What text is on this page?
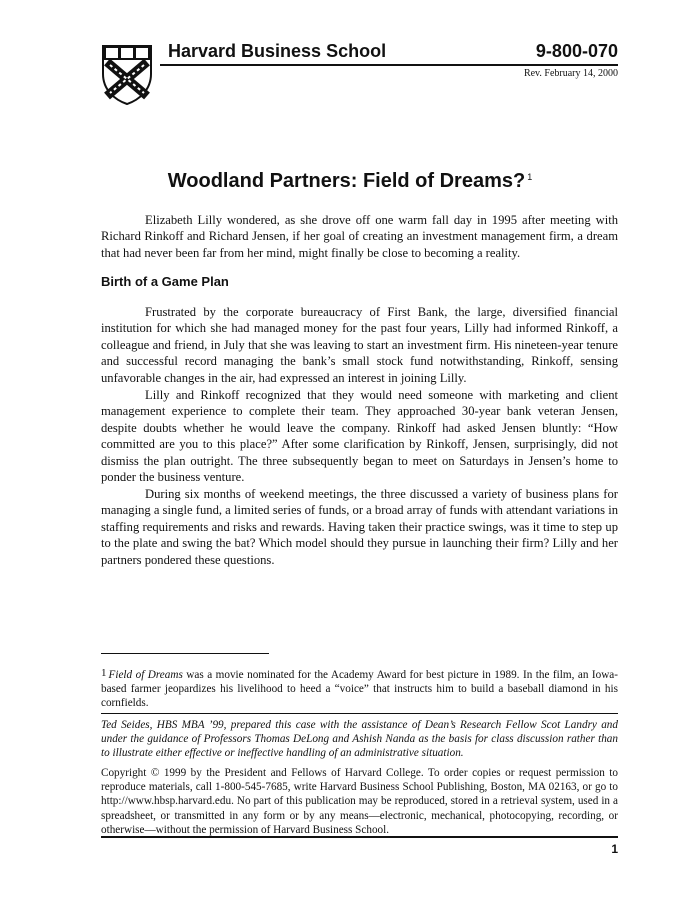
Harvard Business School	9-800-070
Rev. February 14, 2000
Woodland Partners: Field of Dreams? $^1$

Elizabeth Lilly wondered, as she drove off one warm fall day in 1995 after meeting with Richard Rinkoff and Richard Jensen, if her goal of creating an investment management firm, a dream that had never been far from her mind, might finally be close to becoming a reality.

Birth of a Game Plan

Frustrated by the corporate bureaucracy of First Bank, the large, diversified financial institution for which she had managed money for the past four years, Lilly had informed Rinkoff, a colleague and friend, in July that she was leaving to start an investment firm. His nineteen-year tenure and successful record managing the bank’s small stock fund notwithstanding, Rinkoff, sensing unfavorable changes in the air, had expressed an interest in joining Lilly.

Lilly and Rinkoff recognized that they would need someone with marketing and client management experience to complete their team. They approached 30-year bank veteran Jensen, despite doubts whether he would leave the company. Rinkoff had asked Jensen bluntly: “How committed are you to this place?” After some clarification by Rinkoff, Jensen, surprisingly, did not dismiss the plan outright. The three subsequently began to meet on Saturdays in Jensen’s home to ponder the business venture.

During six months of weekend meetings, the three discussed a variety of business plans for managing a single fund, a limited series of funds, or a broad array of funds with attendant variations in staffing requirements and risks and rewards. Having taken their practice swings, was it time to step up to the plate and swing the bat? Which model should they pursue in launching their firm? Lilly and her partners pondered these questions.

1 Field of Dreams was a movie nominated for the Academy Award for best picture in 1989. In the film, an Iowa-based farmer jeopardizes his livelihood to heed a “voice” that instructs him to build a baseball diamond in his cornfields.

Ted Seides, HBS MBA ’99, prepared this case with the assistance of Dean’s Research Fellow Scot Landry and under the guidance of Professors Thomas DeLong and Ashish Nanda as the basis for class discussion rather than to illustrate either effective or ineffective handling of an administrative situation.

Copyright © 1999 by the President and Fellows of Harvard College. To order copies or request permission to reproduce materials, call 1-800-545-7685, write Harvard Business School Publishing, Boston, MA 02163, or go to http://www.hbsp.harvard.edu. No part of this publication may be reproduced, stored in a retrieval system, used in a spreadsheet, or transmitted in any form or by any means—electronic, mechanical, photocopying, recording, or otherwise—without the permission of Harvard Business School.

1
